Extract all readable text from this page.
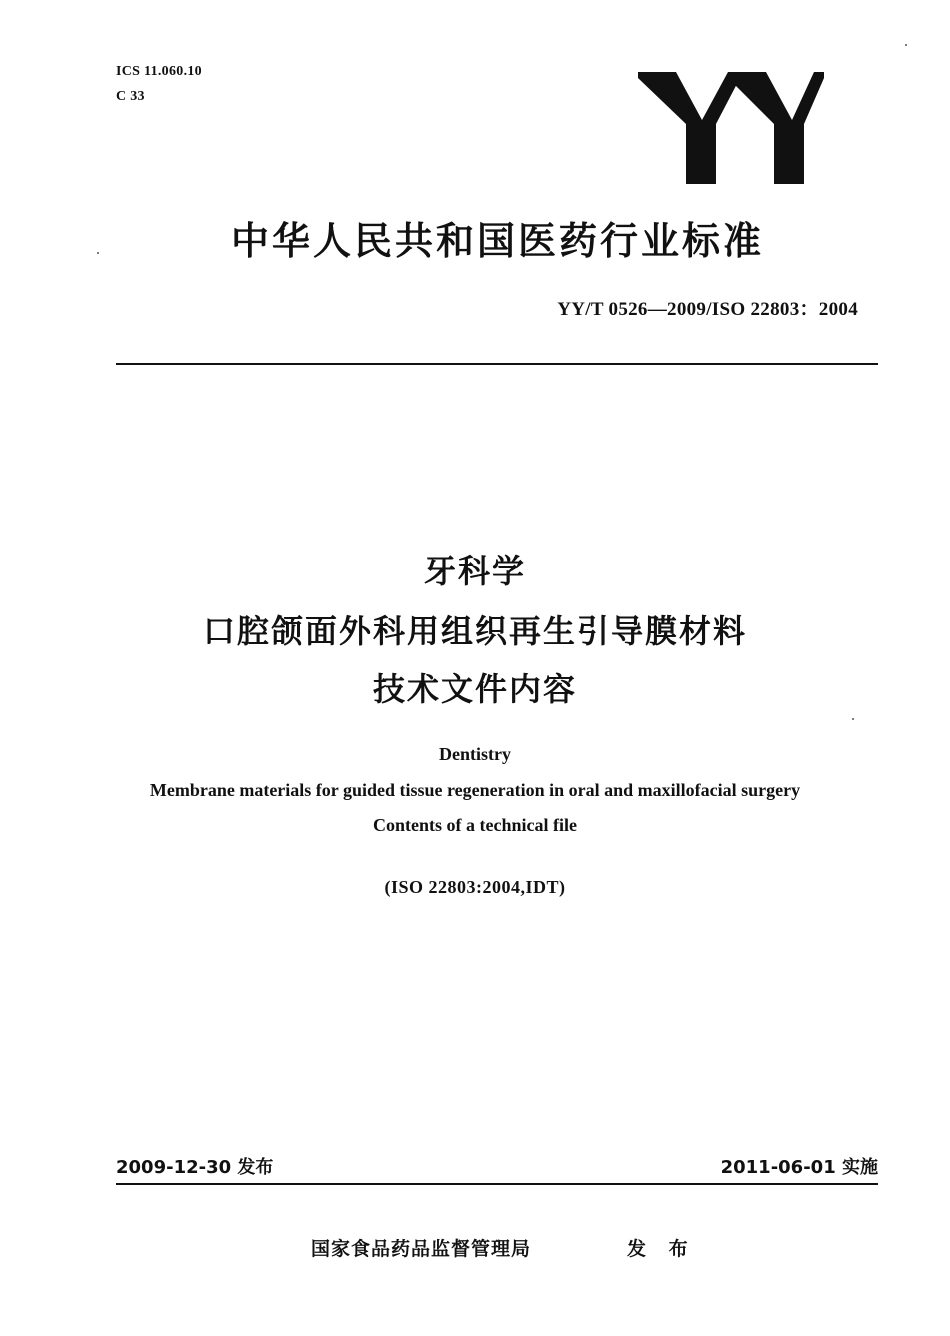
ICS 11.060.10
C 33
中华人民共和国医药行业标准
YY/T 0526—2009/ISO 22803：2004
牙科学
口腔颌面外科用组织再生引导膜材料
技术文件内容
Dentistry
Membrane materials for guided tissue regeneration in oral and maxillofacial surgery
Contents of a technical file
(ISO 22803:2004,IDT)
2009-12-30 发布	2011-06-01 实施
国家食品药品监督管理局	发 布
